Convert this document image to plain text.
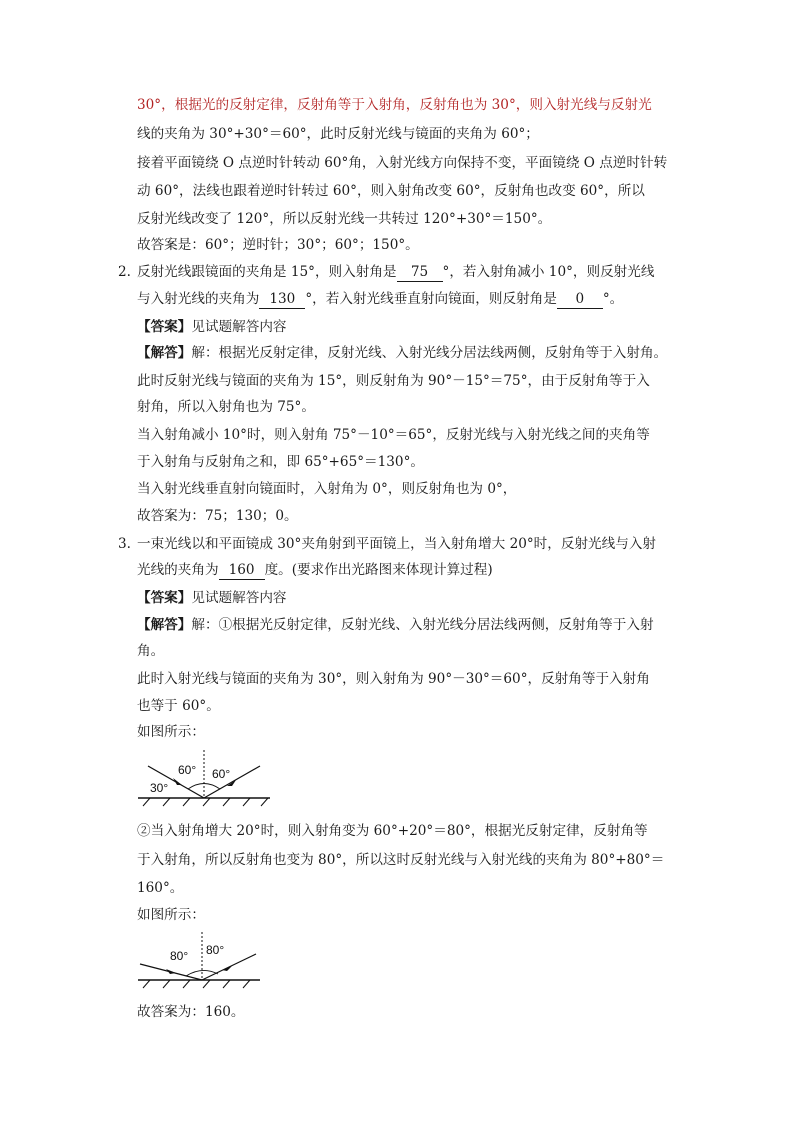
30°，根据光的反射定律，反射角等于入射角，反射角也为 30°，则入射光线与反射光
线的夹角为 30°+30°＝60°，此时反射光线与镜面的夹角为 60°；
接着平面镜绕 O 点逆时针转动 60°角，入射光线方向保持不变，平面镜绕 O 点逆时针转
动 60°，法线也跟着逆时针转过 60°，则入射角改变 60°，反射角也改变 60°，所以
反射光线改变了 120°，所以反射光线一共转过 120°+30°＝150°。
故答案是：60°；逆时针；30°；60°；150°。
2. 反射光线跟镜面的夹角是 15°，则入射角是 75 °，若入射角减小 10°，则反射光线
与入射光线的夹角为 130 °，若入射光线垂直射向镜面，则反射角是 0 °。
【答案】见试题解答内容
【解答】解：根据光反射定律，反射光线、入射光线分居法线两侧，反射角等于入射角。
此时反射光线与镜面的夹角为 15°，则反射角为 90°－15°＝75°，由于反射角等于入
射角，所以入射角也为 75°。
当入射角减小 10°时，则入射角 75°－10°＝65°，反射光线与入射光线之间的夹角等
于入射角与反射角之和，即 65°+65°＝130°。
当入射光线垂直射向镜面时，入射角为 0°，则反射角也为 0°，
故答案为：75；130；0。
3. 一束光线以和平面镜成 30°夹角射到平面镜上，当入射角增大 20°时，反射光线与入射
光线的夹角为 160 度。(要求作出光路图来体现计算过程)
【答案】见试题解答内容
【解答】解：①根据光反射定律，反射光线、入射光线分居法线两侧，反射角等于入射
角。
此时入射光线与镜面的夹角为 30°，则入射角为 90°－30°＝60°，反射角等于入射角
也等于 60°。
如图所示：
60° 60°
30°
②当入射角增大 20°时，则入射角变为 60°+20°＝80°，根据光反射定律，反射角等
于入射角，所以反射角也变为 80°，所以这时反射光线与入射光线的夹角为 80°+80°＝
160°。
如图所示：
80° 80°
故答案为：160。
